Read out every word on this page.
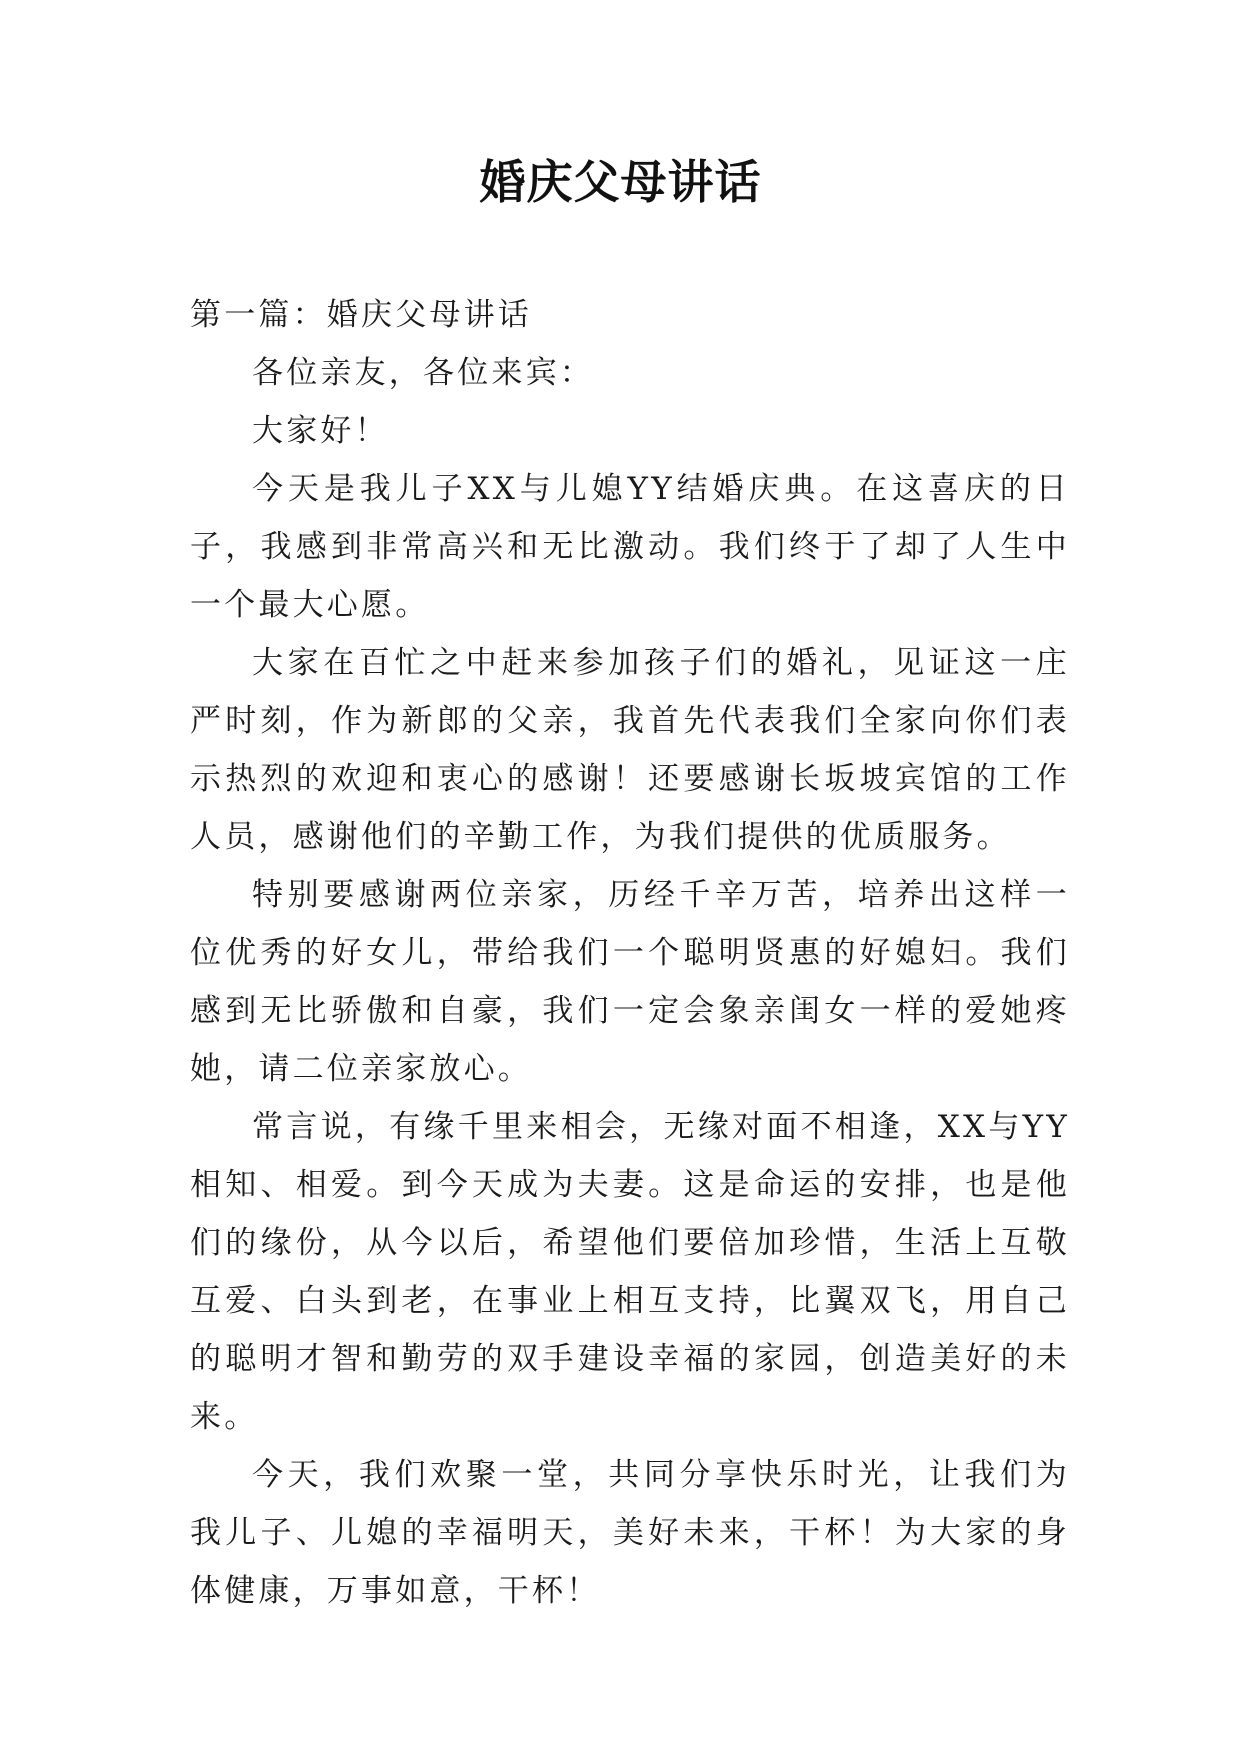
婚庆父母讲话

第一篇：婚庆父母讲话

各位亲友，各位来宾：

大家好！

今天是我儿子XX与儿媳YY结婚庆典。在这喜庆的日子，我感到非常高兴和无比激动。我们终于了却了人生中一个最大心愿。

大家在百忙之中赶来参加孩子们的婚礼，见证这一庄严时刻，作为新郎的父亲，我首先代表我们全家向你们表示热烈的欢迎和衷心的感谢！还要感谢长坂坡宾馆的工作人员，感谢他们的辛勤工作，为我们提供的优质服务。

特别要感谢两位亲家，历经千辛万苦，培养出这样一位优秀的好女儿，带给我们一个聪明贤惠的好媳妇。我们感到无比骄傲和自豪，我们一定会象亲闺女一样的爱她疼她，请二位亲家放心。

常言说，有缘千里来相会，无缘对面不相逢，XX与YY相知、相爱。到今天成为夫妻。这是命运的安排，也是他们的缘份，从今以后，希望他们要倍加珍惜，生活上互敬互爱、白头到老，在事业上相互支持，比翼双飞，用自己的聪明才智和勤劳的双手建设幸福的家园，创造美好的未来。

今天，我们欢聚一堂，共同分享快乐时光，让我们为我儿子、儿媳的幸福明天，美好未来，干杯！为大家的身体健康，万事如意，干杯！
